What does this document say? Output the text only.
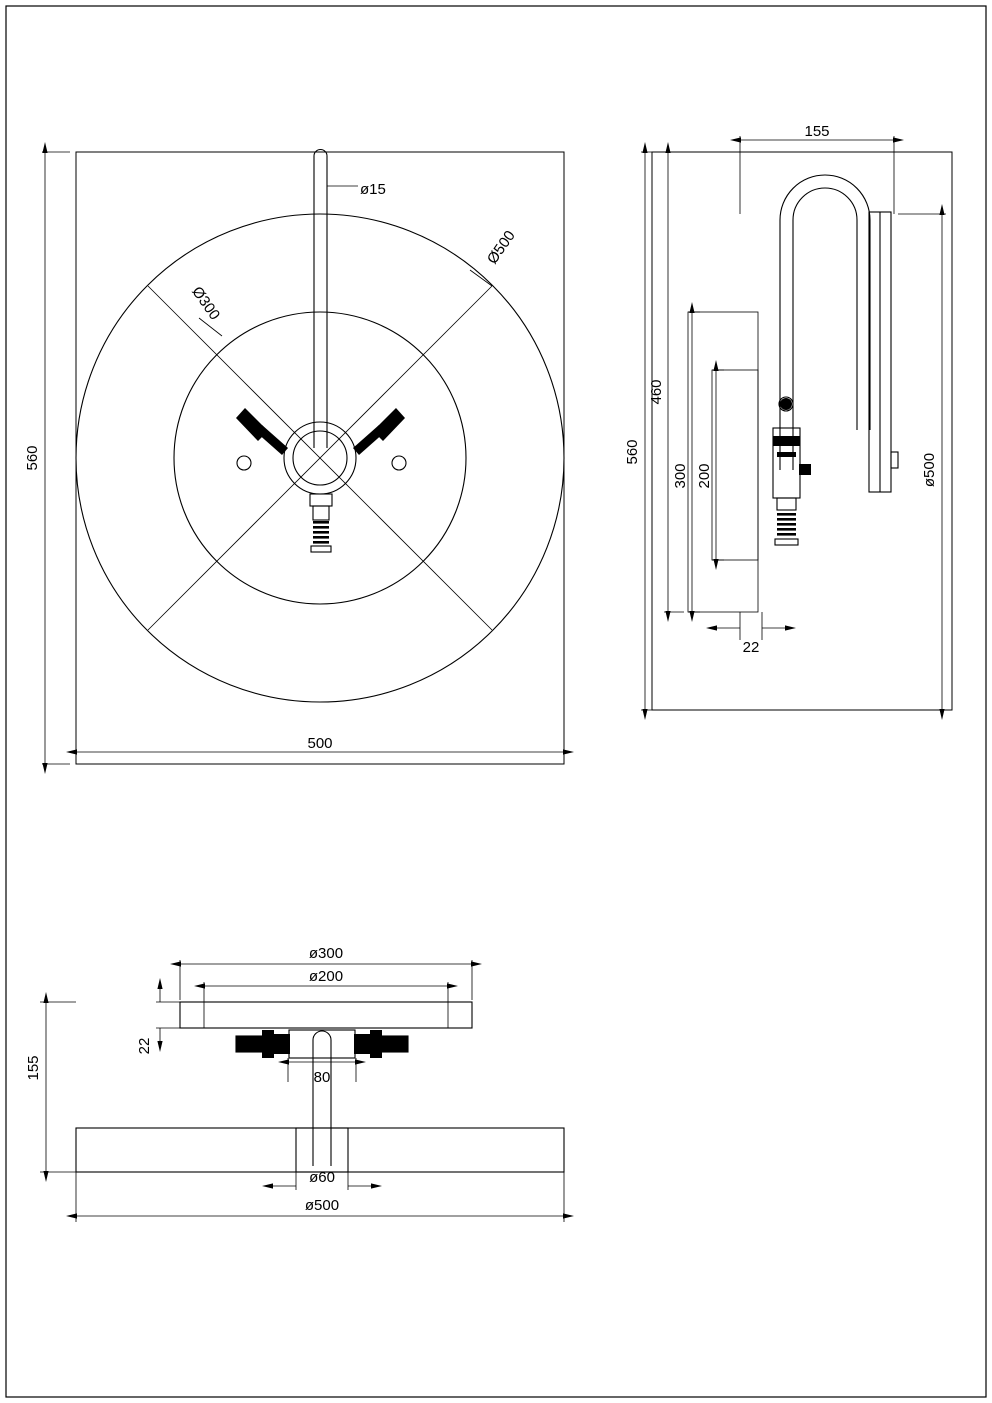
560
500
ø15
Ø500
Ø300
155
560
460
300 200
22
ø500
ø300
ø200
22
155	80
ø60
ø500
